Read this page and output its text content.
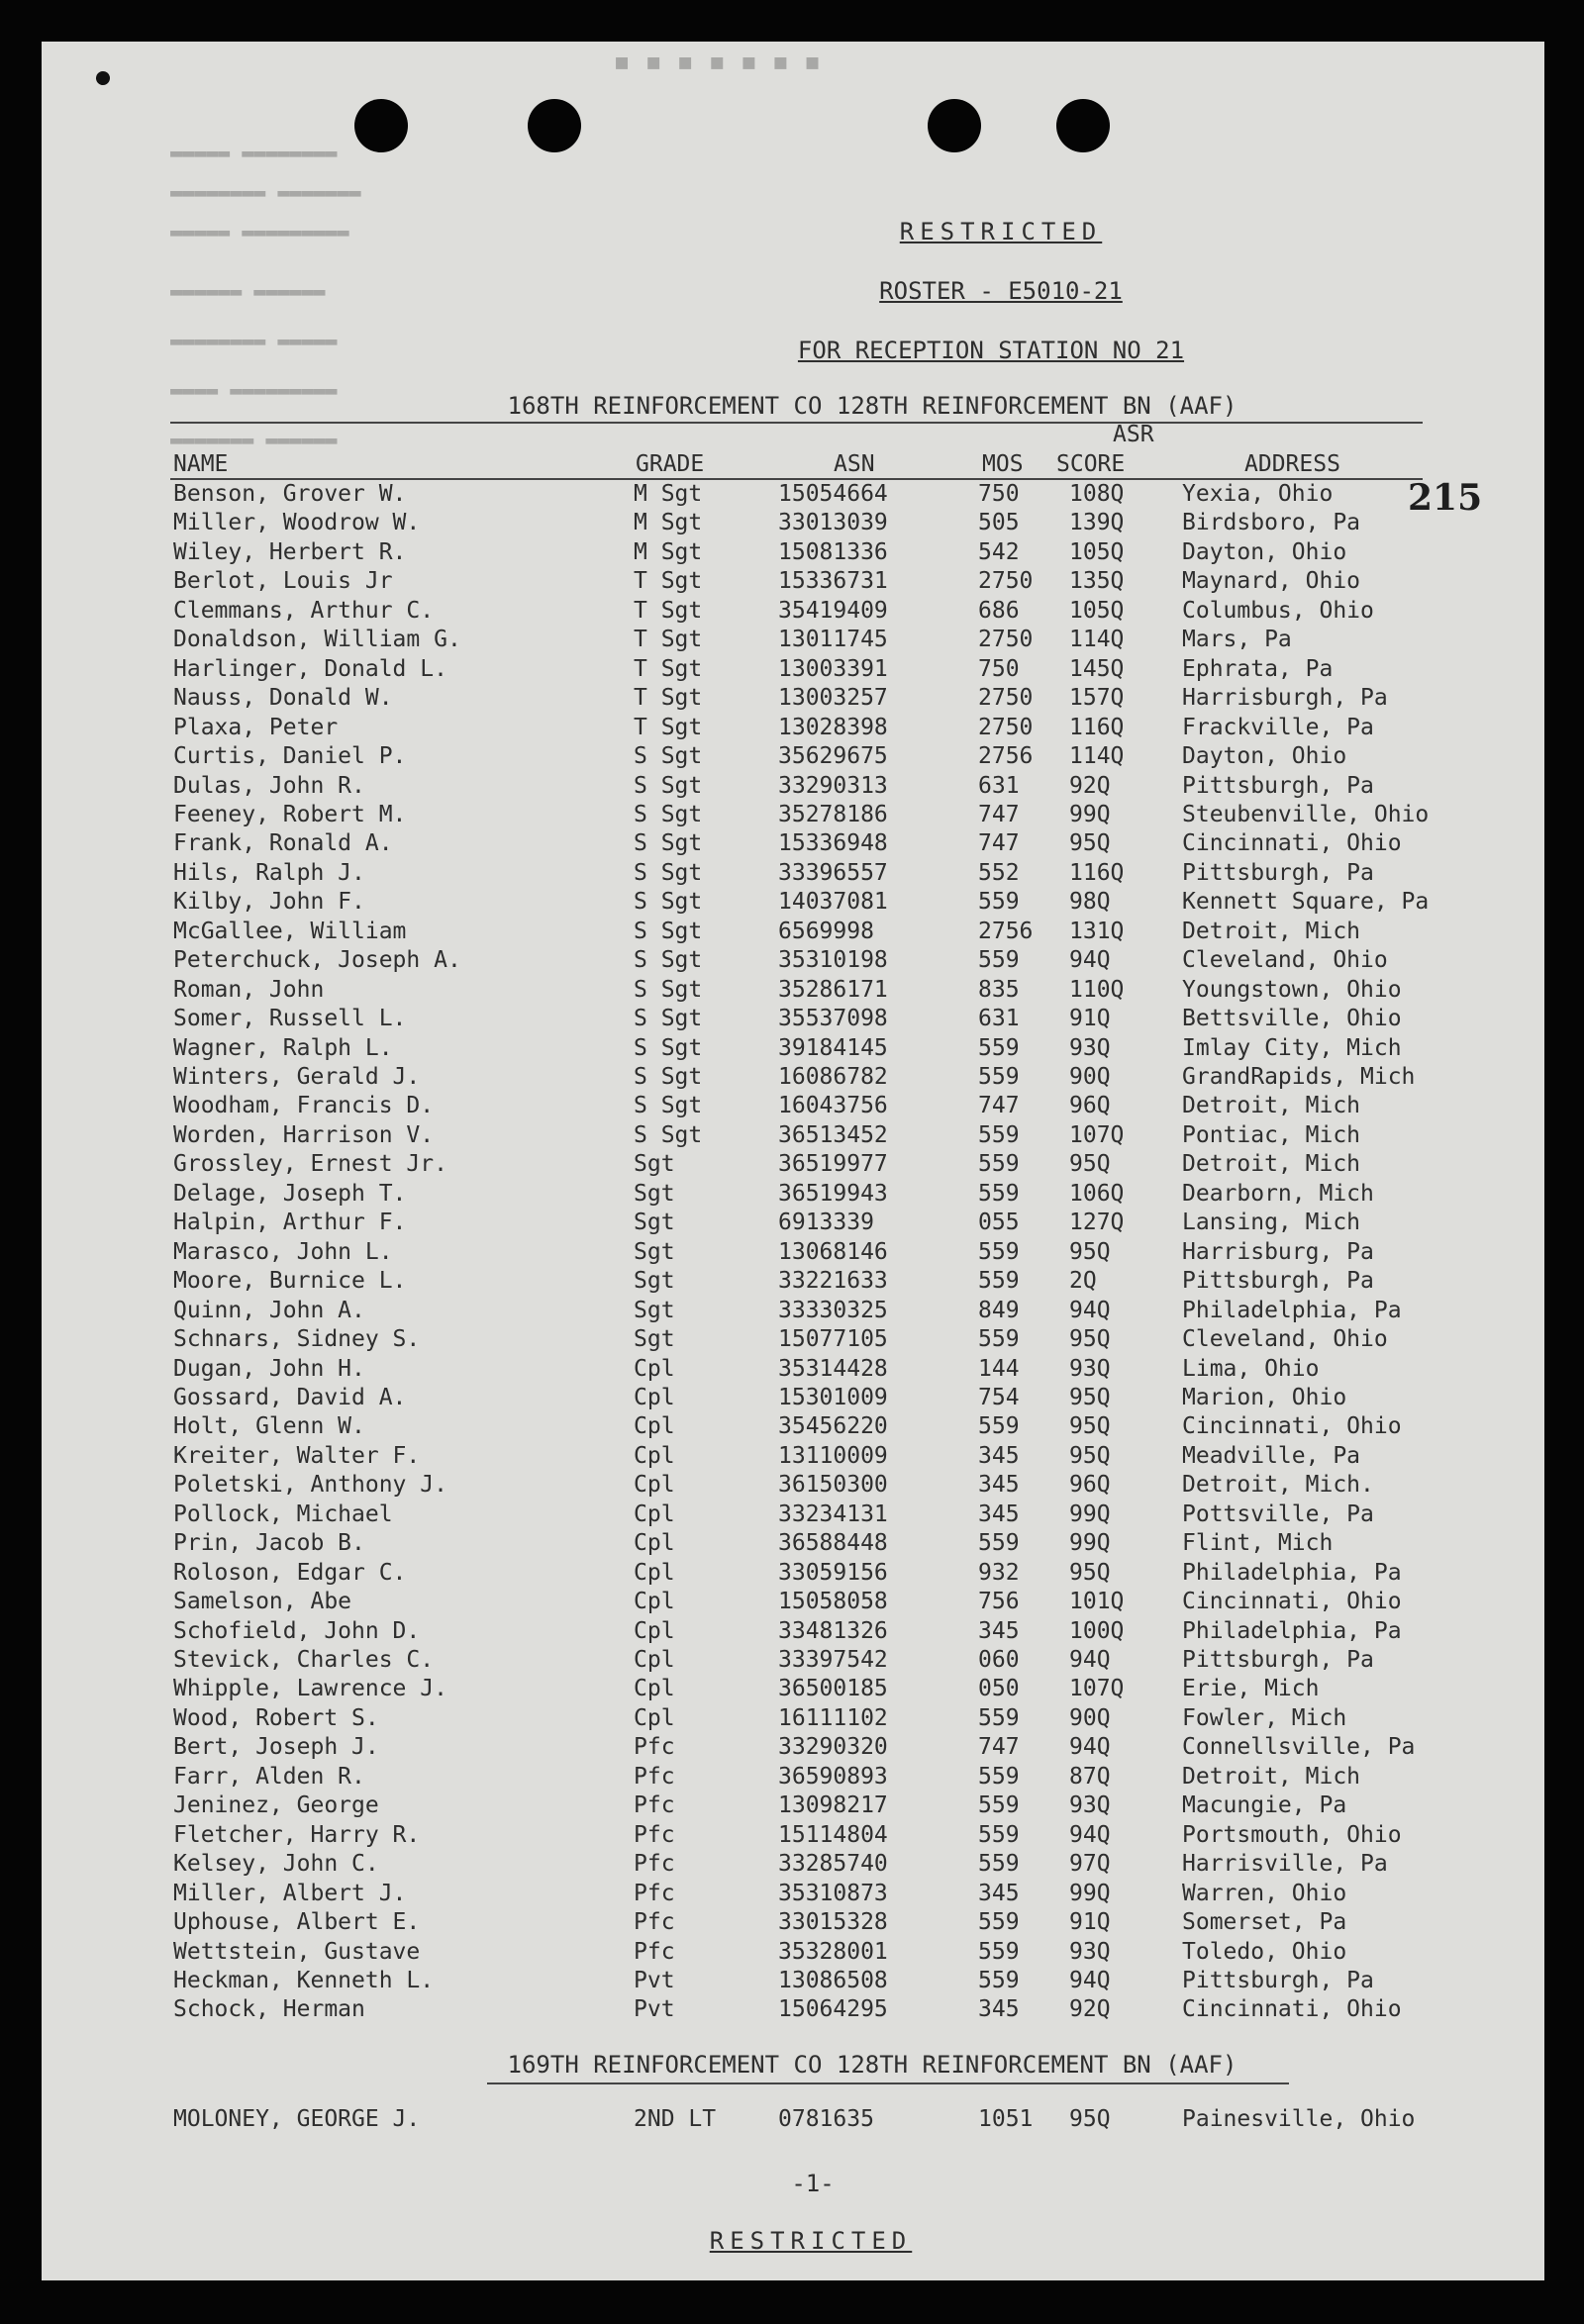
■ ■ ■ ■ ■ ■ ■
▬▬▬▬▬ ▬▬▬▬▬▬▬▬
▬▬▬▬▬▬▬▬ ▬▬▬▬▬▬▬
▬▬▬▬▬ ▬▬▬▬▬▬▬▬▬
▬▬▬▬▬▬ ▬▬▬▬▬▬
▬▬▬▬▬▬▬▬ ▬▬▬▬▬
▬▬▬▬ ▬▬▬▬▬▬▬▬▬
▬▬▬▬▬▬▬ ▬▬▬▬▬▬
RESTRICTED
ROSTER - E5010-21
FOR RECEPTION STATION NO 21
168TH REINFORCEMENT CO 128TH REINFORCEMENT BN (AAF)
ASR
NAME	GRADE	ASN	MOS SCORE	ADDRESS
Benson, Grover W.	M Sgt	15054664	750 108Q	Yexia, Ohio
Miller, Woodrow W.	M Sgt	33013039	505 139Q	Birdsboro, Pa
Wiley, Herbert R.	M Sgt	15081336	542 105Q	Dayton, Ohio
Berlot, Louis Jr	T Sgt	15336731	2750 135Q	Maynard, Ohio
Clemmans, Arthur C.	T Sgt	35419409	686 105Q	Columbus, Ohio
Donaldson, William G.	T Sgt	13011745	2750 114Q	Mars, Pa
Harlinger, Donald L.	T Sgt	13003391	750 145Q	Ephrata, Pa
Nauss, Donald W.	T Sgt	13003257	2750 157Q	Harrisburgh, Pa
Plaxa, Peter	T Sgt	13028398	2750 116Q	Frackville, Pa
Curtis, Daniel P.	S Sgt	35629675	2756 114Q	Dayton, Ohio
Dulas, John R.	S Sgt	33290313	631 92Q	Pittsburgh, Pa
Feeney, Robert M.	S Sgt	35278186	747 99Q	Steubenville, Ohio
Frank, Ronald A.	S Sgt	15336948	747 95Q	Cincinnati, Ohio
Hils, Ralph J.	S Sgt	33396557	552 116Q	Pittsburgh, Pa
Kilby, John F.	S Sgt	14037081	559 98Q	Kennett Square, Pa
McGallee, William	S Sgt	6569998	2756 131Q	Detroit, Mich
Peterchuck, Joseph A.	S Sgt	35310198	559 94Q	Cleveland, Ohio
Roman, John	S Sgt	35286171	835 110Q	Youngstown, Ohio
Somer, Russell L.	S Sgt	35537098	631 91Q	Bettsville, Ohio
Wagner, Ralph L.	S Sgt	39184145	559 93Q	Imlay City, Mich
Winters, Gerald J.	S Sgt	16086782	559 90Q	GrandRapids, Mich
Woodham, Francis D.	S Sgt	16043756	747 96Q	Detroit, Mich
Worden, Harrison V.	S Sgt	36513452	559 107Q	Pontiac, Mich
Grossley, Ernest Jr.	Sgt	36519977	559 95Q	Detroit, Mich
Delage, Joseph T.	Sgt	36519943	559 106Q	Dearborn, Mich
Halpin, Arthur F.	Sgt	6913339	055 127Q	Lansing, Mich
Marasco, John L.	Sgt	13068146	559 95Q	Harrisburg, Pa
Moore, Burnice L.	Sgt	33221633	559 2Q	Pittsburgh, Pa
Quinn, John A.	Sgt	33330325	849 94Q	Philadelphia, Pa
Schnars, Sidney S.	Sgt	15077105	559 95Q	Cleveland, Ohio
Dugan, John H.	Cpl	35314428	144 93Q	Lima, Ohio
Gossard, David A.	Cpl	15301009	754 95Q	Marion, Ohio
Holt, Glenn W.	Cpl	35456220	559 95Q	Cincinnati, Ohio
Kreiter, Walter F.	Cpl	13110009	345 95Q	Meadville, Pa
Poletski, Anthony J.	Cpl	36150300	345 96Q	Detroit, Mich.
Pollock, Michael	Cpl	33234131	345 99Q	Pottsville, Pa
Prin, Jacob B.	Cpl	36588448	559 99Q	Flint, Mich
Roloson, Edgar C.	Cpl	33059156	932 95Q	Philadelphia, Pa
Samelson, Abe	Cpl	15058058	756 101Q	Cincinnati, Ohio
Schofield, John D.	Cpl	33481326	345 100Q	Philadelphia, Pa
Stevick, Charles C.	Cpl	33397542	060 94Q	Pittsburgh, Pa
Whipple, Lawrence J.	Cpl	36500185	050 107Q	Erie, Mich
Wood, Robert S.	Cpl	16111102	559 90Q	Fowler, Mich
Bert, Joseph J.	Pfc	33290320	747 94Q	Connellsville, Pa
Farr, Alden R.	Pfc	36590893	559 87Q	Detroit, Mich
Jeninez, George	Pfc	13098217	559 93Q	Macungie, Pa
Fletcher, Harry R.	Pfc	15114804	559 94Q	Portsmouth, Ohio
Kelsey, John C.	Pfc	33285740	559 97Q	Harrisville, Pa
Miller, Albert J.	Pfc	35310873	345 99Q	Warren, Ohio
Uphouse, Albert E.	Pfc	33015328	559 91Q	Somerset, Pa
Wettstein, Gustave	Pfc	35328001	559 93Q	Toledo, Ohio
Heckman, Kenneth L.	Pvt	13086508	559 94Q	Pittsburgh, Pa
Schock, Herman	Pvt	15064295	345 92Q	Cincinnati, Ohio
169TH REINFORCEMENT CO 128TH REINFORCEMENT BN (AAF)
MOLONEY, GEORGE J.	2ND LT	0781635	1051 95Q	Painesville, Ohio
215
-1-
RESTRICTED
